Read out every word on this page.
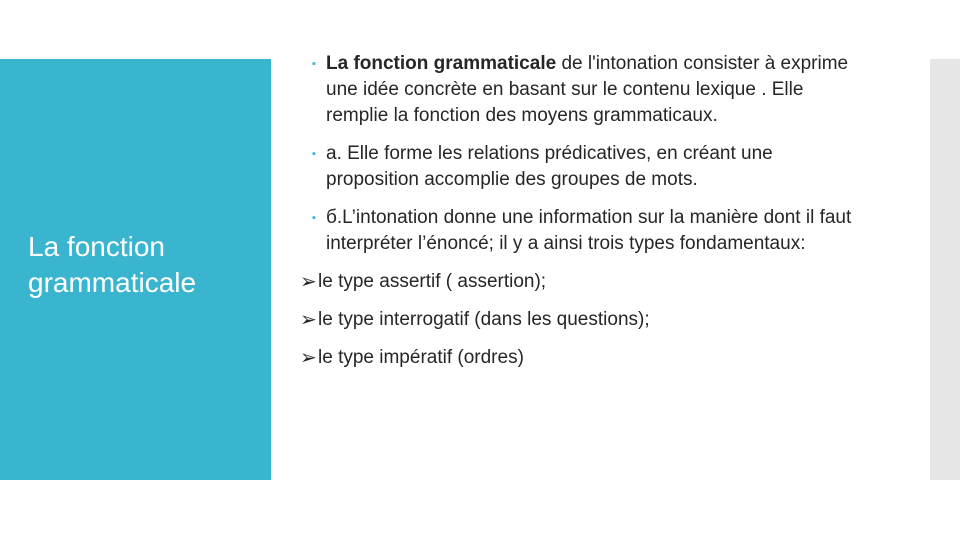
La fonction grammaticale

▪
La fonction grammaticale de l'intonation consister à exprime une idée concrète en basant sur le contenu lexique . Elle remplie la fonction des moyens grammaticaux.

▪
a. Elle forme les relations prédicatives, en créant une proposition accomplie des groupes de mots.

▪
б.L’intonation donne une information sur la manière dont il faut interpréter l’énoncé; il y a ainsi trois types fondamentaux:

➢
le type assertif ( assertion);

➢
le type interrogatif (dans les questions);

➢
le type impératif (ordres)
